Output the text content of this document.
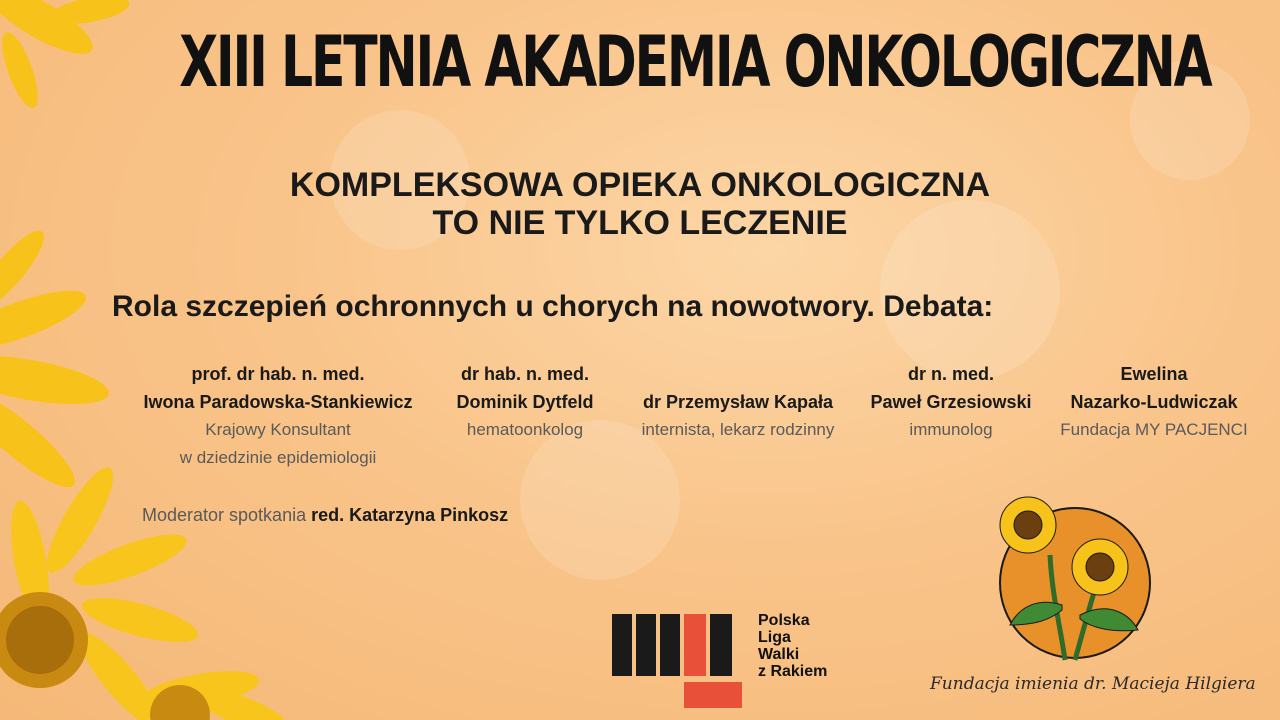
XIII LETNIA AKADEMIA ONKOLOGICZNA
KOMPLEKSOWA OPIEKA ONKOLOGICZNA
TO NIE TYLKO LECZENIE
Rola szczepień ochronnych u chorych na nowotwory. Debata:
prof. dr hab. n. med.
Iwona Paradowska-Stankiewicz
Krajowy Konsultant
w dziedzinie epidemiologii
dr hab. n. med.
Dominik Dytfeld
hematoonkolog
dr Przemysław Kapała
internista, lekarz rodzinny
dr n. med.
Paweł Grzesiowski
immunolog
Ewelina
Nazarko-Ludwiczak
Fundacja MY PACJENCI
Moderator spotkania red. Katarzyna Pinkosz
Polska
Liga
Walki
z Rakiem
Fundacja imienia dr. Macieja Hilgiera
